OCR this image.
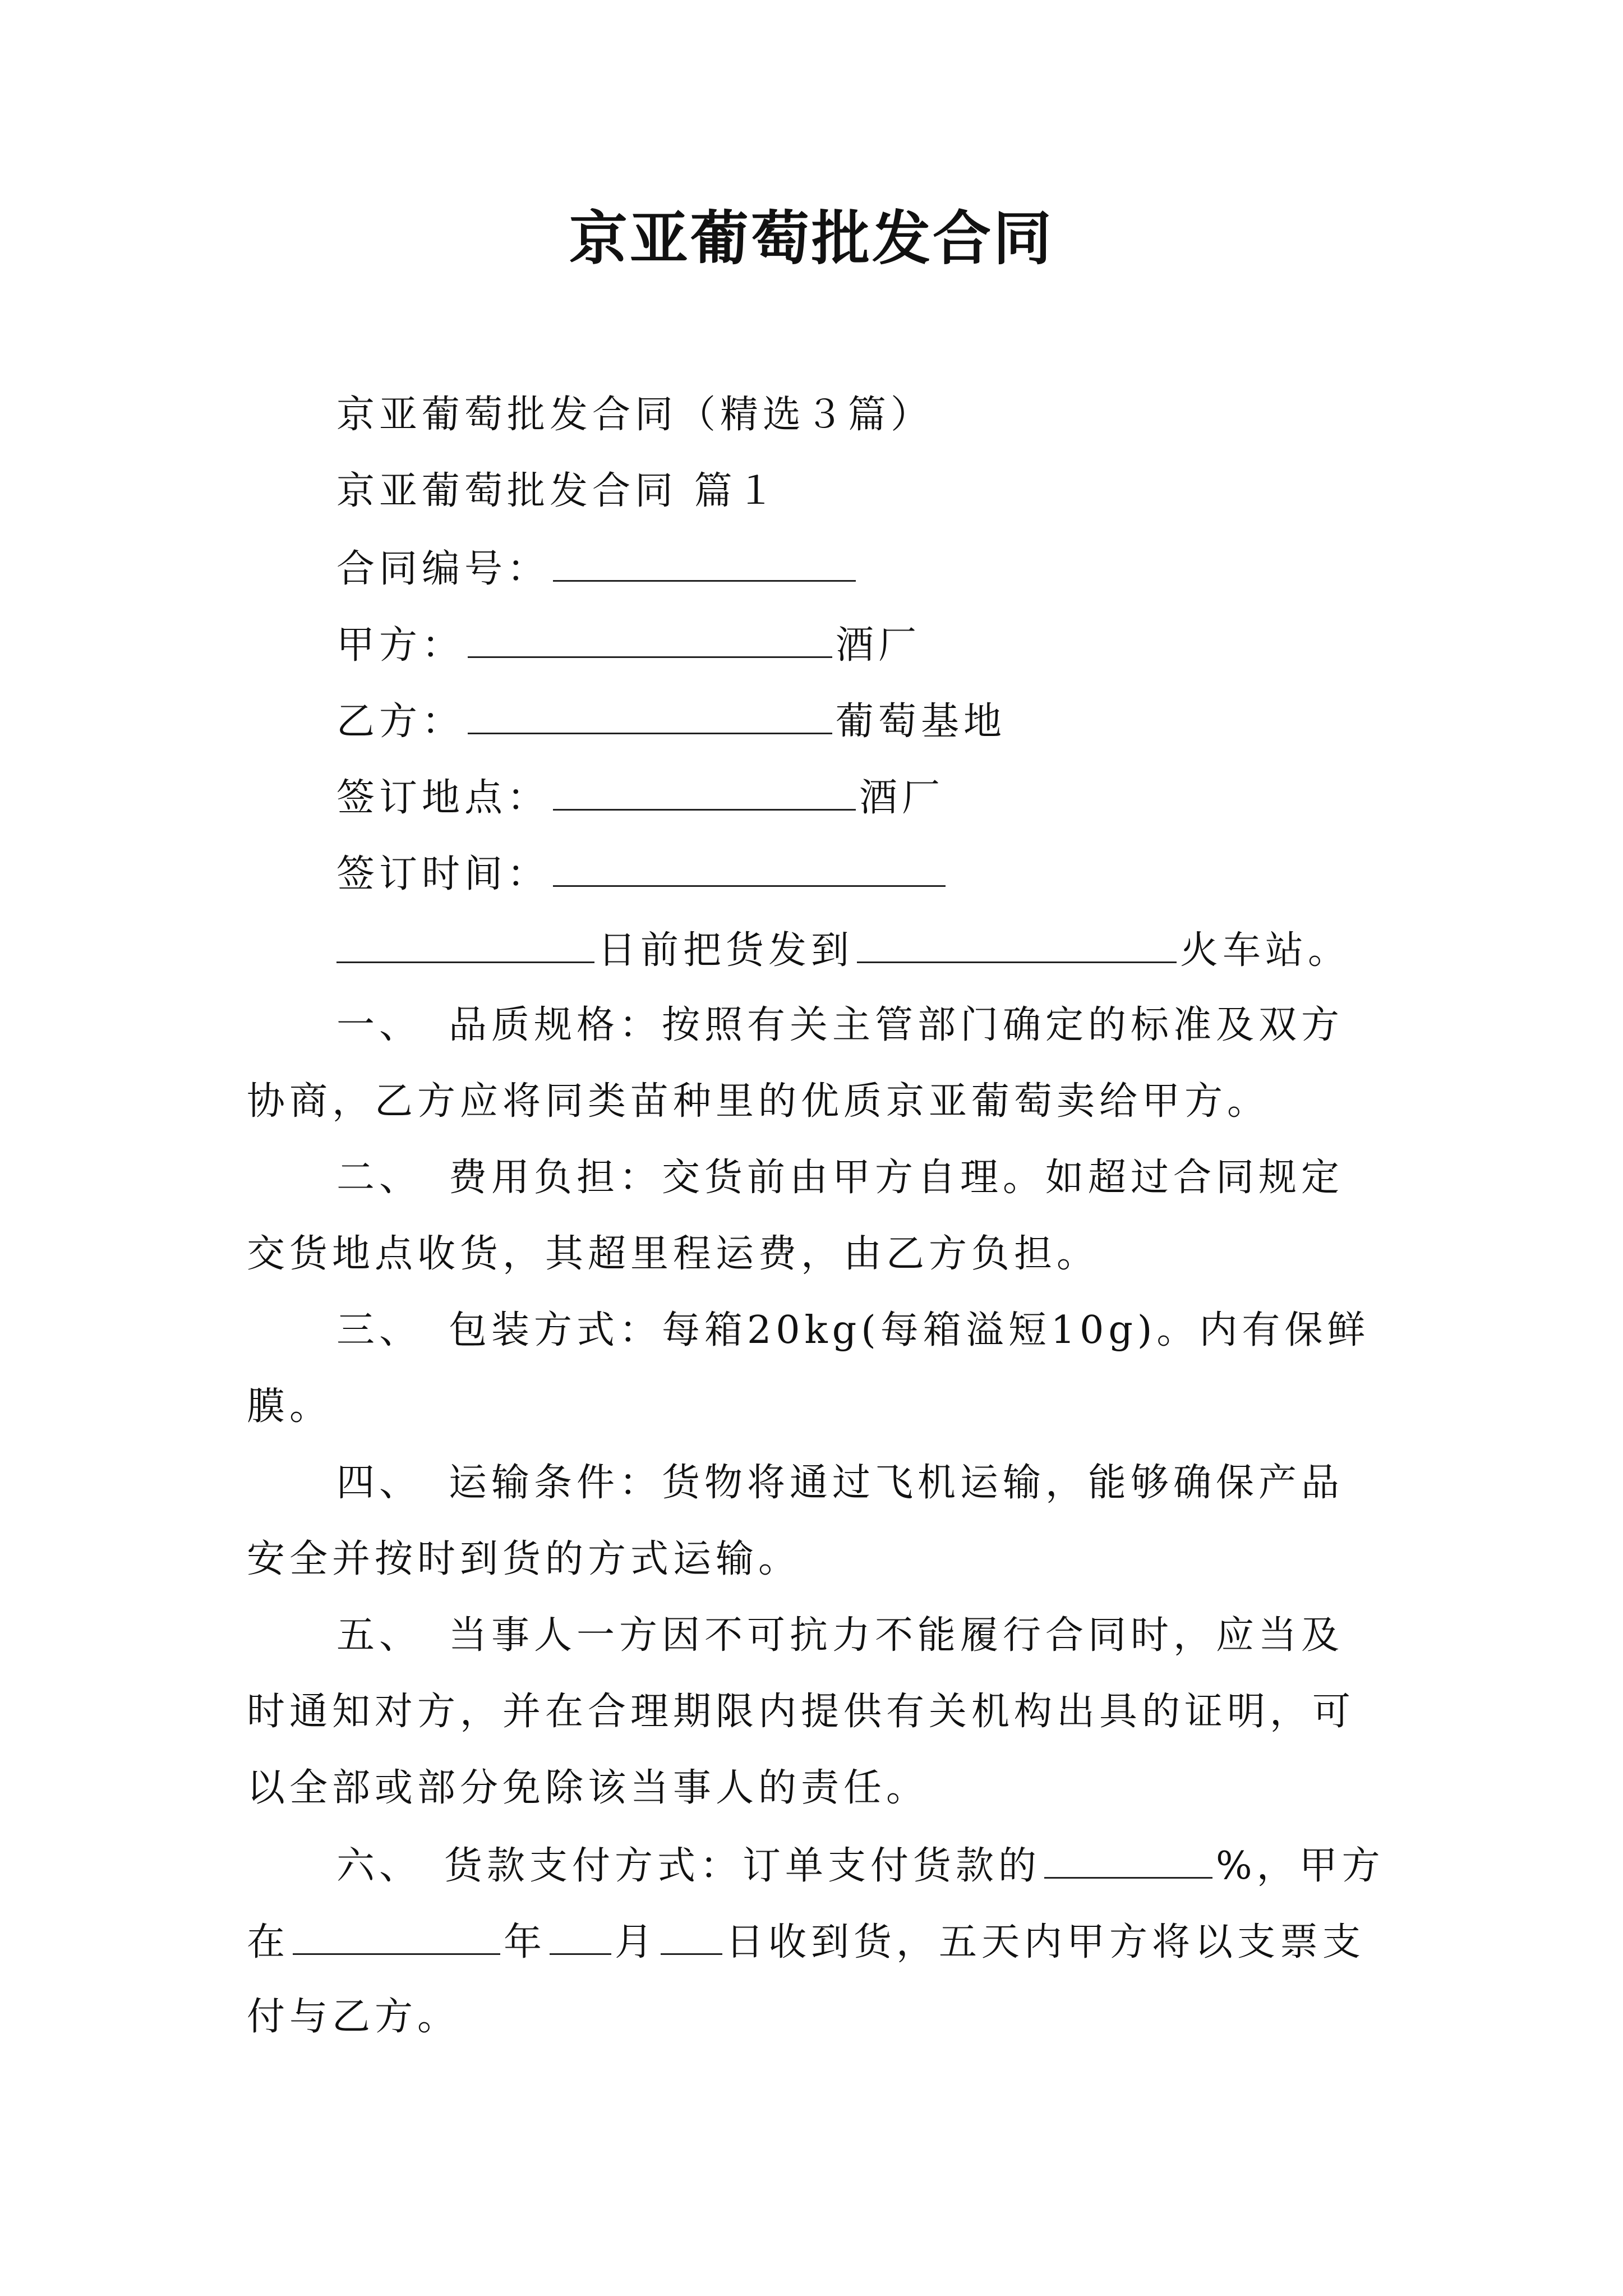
京亚葡萄批发合同
京亚葡萄批发合同（精选３篇）
京亚葡萄批发合同 篇１
合同编号：
甲方：	酒厂
乙方：	葡萄基地
签订地点：	酒厂
签订时间：
日前把货发到	火车站。
一、 品质规格：按照有关主管部门确定的标准及双方
协商，乙方应将同类苗种里的优质京亚葡萄卖给甲方。
二、 费用负担：交货前由甲方自理。如超过合同规定
交货地点收货，其超里程运费，由乙方负担。
三、 包装方式：每箱20kg(每箱溢短10g)。内有保鲜
膜。
四、 运输条件：货物将通过飞机运输，能够确保产品
安全并按时到货的方式运输。
五、 当事人一方因不可抗力不能履行合同时，应当及
时通知对方，并在合理期限内提供有关机构出具的证明，可
以全部或部分免除该当事人的责任。
六、 货款支付方式：订单支付货款的	%，甲方
在	年 月 日收到货，五天内甲方将以支票支
付与乙方。
